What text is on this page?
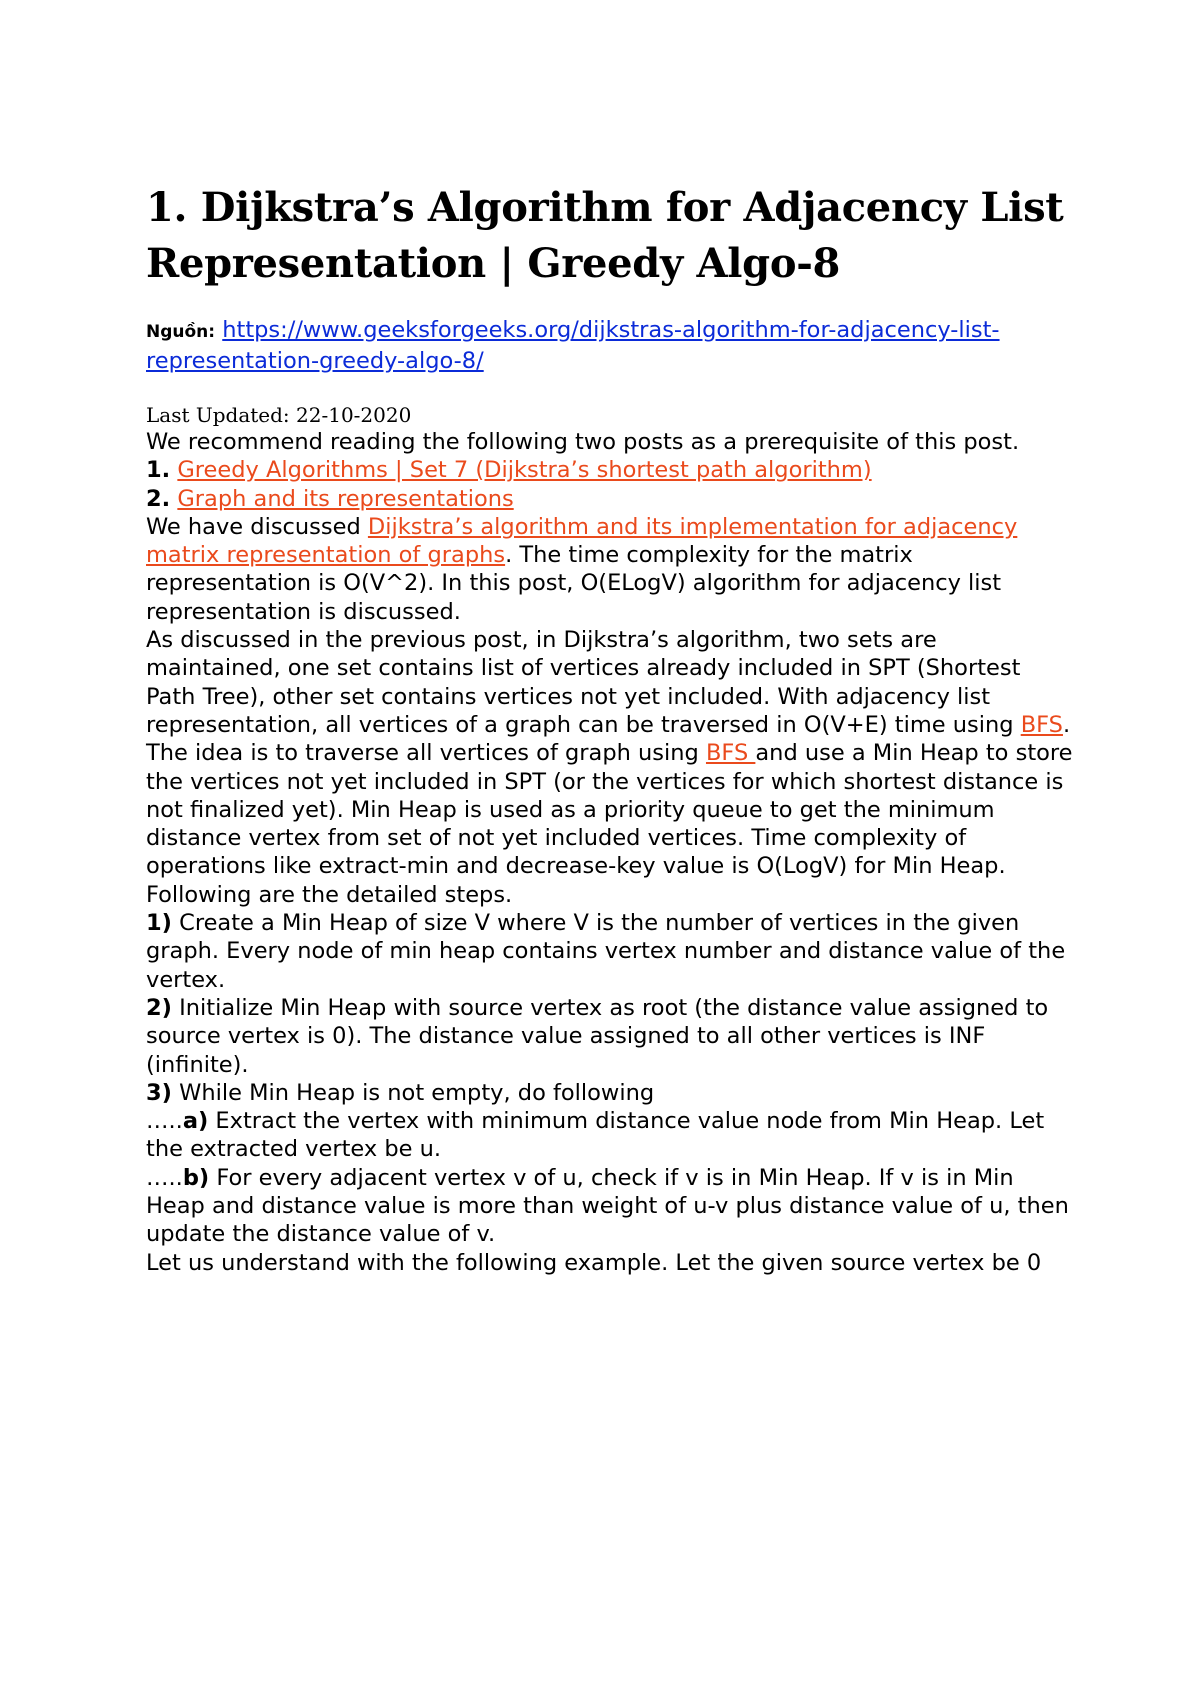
1. Dijkstra’s Algorithm for Adjacency List
Representation | Greedy Algo-8
Nguồn: https://www.geeksforgeeks.org/dijkstras-algorithm-for-adjacency-list-representation-greedy-algo-8/
Last Updated: 22-10-2020

We recommend reading the following two posts as a prerequisite of this post.

1. Greedy Algorithms | Set 7 (Dijkstra’s shortest path algorithm)

2. Graph and its representations

We have discussed Dijkstra’s algorithm and its implementation for adjacency matrix representation of graphs. The time complexity for the matrix representation is O(V^2). In this post, O(ELogV) algorithm for adjacency list representation is discussed.

As discussed in the previous post, in Dijkstra’s algorithm, two sets are maintained, one set contains list of vertices already included in SPT (Shortest Path Tree), other set contains vertices not yet included. With adjacency list representation, all vertices of a graph can be traversed in O(V+E) time using BFS. The idea is to traverse all vertices of graph using BFS and use a Min Heap to store the vertices not yet included in SPT (or the vertices for which shortest distance is not finalized yet). Min Heap is used as a priority queue to get the minimum distance vertex from set of not yet included vertices. Time complexity of operations like extract-min and decrease-key value is O(LogV) for Min Heap.

Following are the detailed steps.

1) Create a Min Heap of size V where V is the number of vertices in the given graph. Every node of min heap contains vertex number and distance value of the vertex.

2) Initialize Min Heap with source vertex as root (the distance value assigned to source vertex is 0). The distance value assigned to all other vertices is INF (infinite).

3) While Min Heap is not empty, do following

…..a) Extract the vertex with minimum distance value node from Min Heap. Let the extracted vertex be u.

…..b) For every adjacent vertex v of u, check if v is in Min Heap. If v is in Min Heap and distance value is more than weight of u-v plus distance value of u, then update the distance value of v.

Let us understand with the following example. Let the given source vertex be 0
